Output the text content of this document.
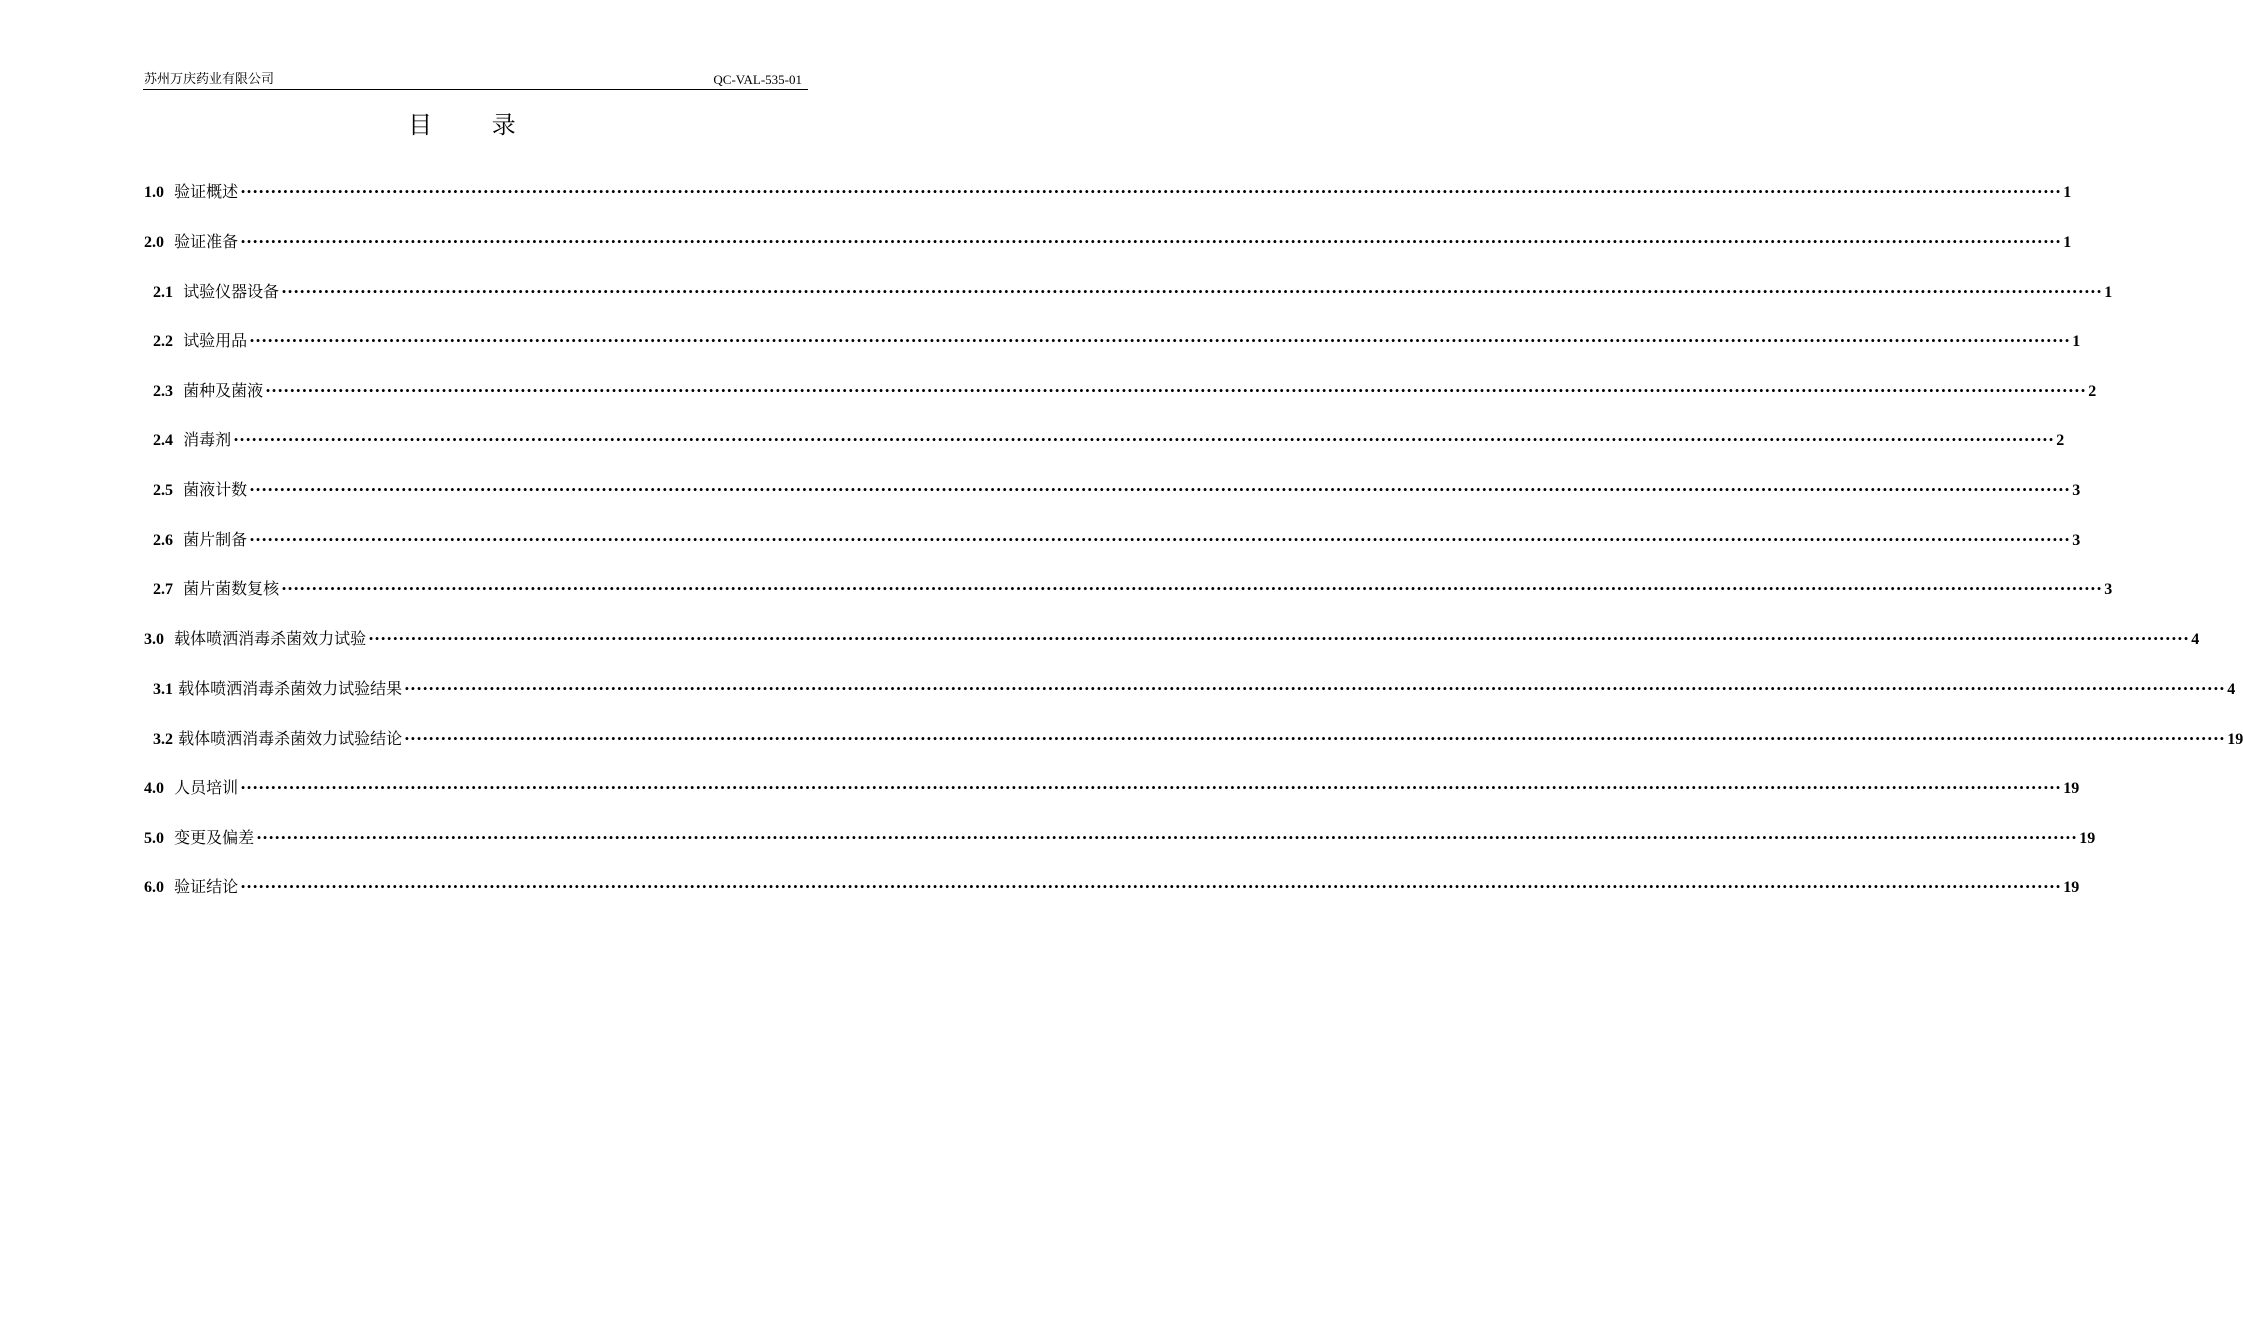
苏州万庆药业有限公司	QC-VAL-535-01
目 录
1.0
验证概述 ············································································································································································································································································································ 1
2.0
验证准备 ············································································································································································································································································································ 1
2.1
试验仪器设备 ············································································································································································································································································································ 1
2.2
试验用品 ············································································································································································································································································································ 1
2.3
菌种及菌液 ············································································································································································································································································································ 2
2.4
消毒剂 ············································································································································································································································································································ 2
2.5
菌液计数 ············································································································································································································································································································ 3
2.6
菌片制备 ············································································································································································································································································································ 3
2.7
菌片菌数复核 ············································································································································································································································································································ 3
3.0
载体喷洒消毒杀菌效力试验 ············································································································································································································································································································ 4
3.1
载体喷洒消毒杀菌效力试验结果 ············································································································································································································································································································ 4
3.2
载体喷洒消毒杀菌效力试验结论 ············································································································································································································································································································ 19
4.0
人员培训 ············································································································································································································································································································ 19
5.0
变更及偏差 ············································································································································································································································································································ 19
6.0
验证结论 ············································································································································································································································································································ 19
